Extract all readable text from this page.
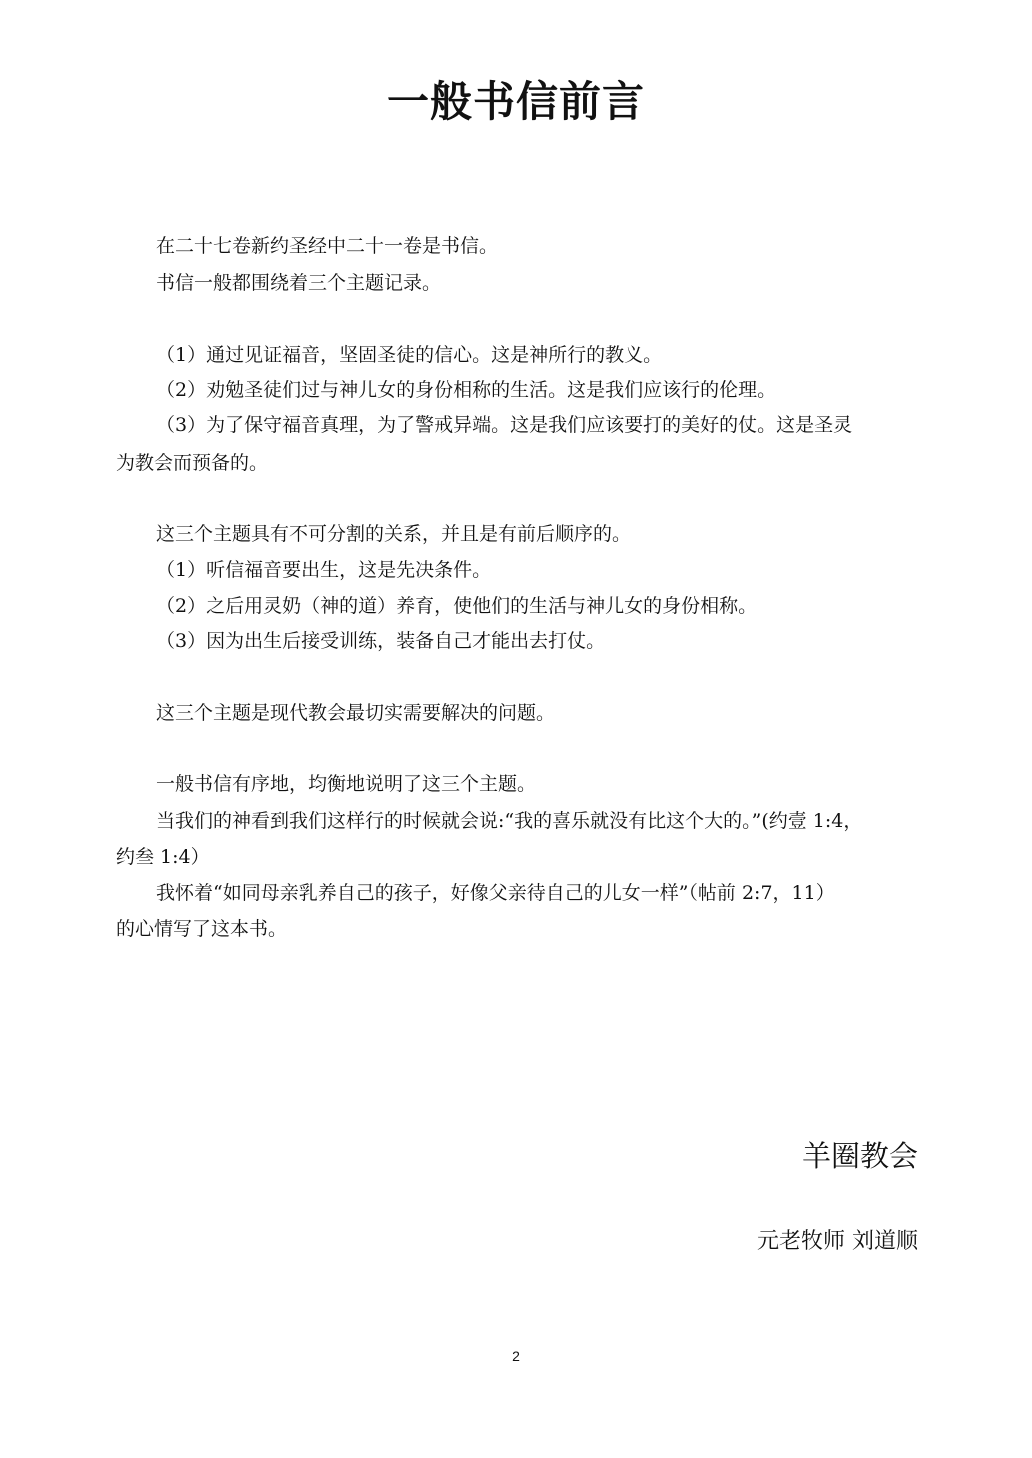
一般书信前言
在二十七卷新约圣经中二十一卷是书信。
书信一般都围绕着三个主题记录。
（1）通过见证福音，坚固圣徒的信心。这是神所行的教义。
（2）劝勉圣徒们过与神儿女的身份相称的生活。这是我们应该行的伦理。
（3）为了保守福音真理，为了警戒异端。这是我们应该要打的美好的仗。这是圣灵
为教会而预备的。
这三个主题具有不可分割的关系，并且是有前后顺序的。
（1）听信福音要出生，这是先决条件。
（2）之后用灵奶（神的道）养育，使他们的生活与神儿女的身份相称。
（3）因为出生后接受训练，装备自己才能出去打仗。
这三个主题是现代教会最切实需要解决的问题。
一般书信有序地，均衡地说明了这三个主题。
当我们的神看到我们这样行的时候就会说:“我的喜乐就没有比这个大的。”(约壹 1:4，
约叁 1:4）
我怀着“如同母亲乳养自己的孩子，好像父亲待自己的儿女一样”（帖前 2:7，11）
的心情写了这本书。
羊圈教会
元老牧师 刘道顺
2
